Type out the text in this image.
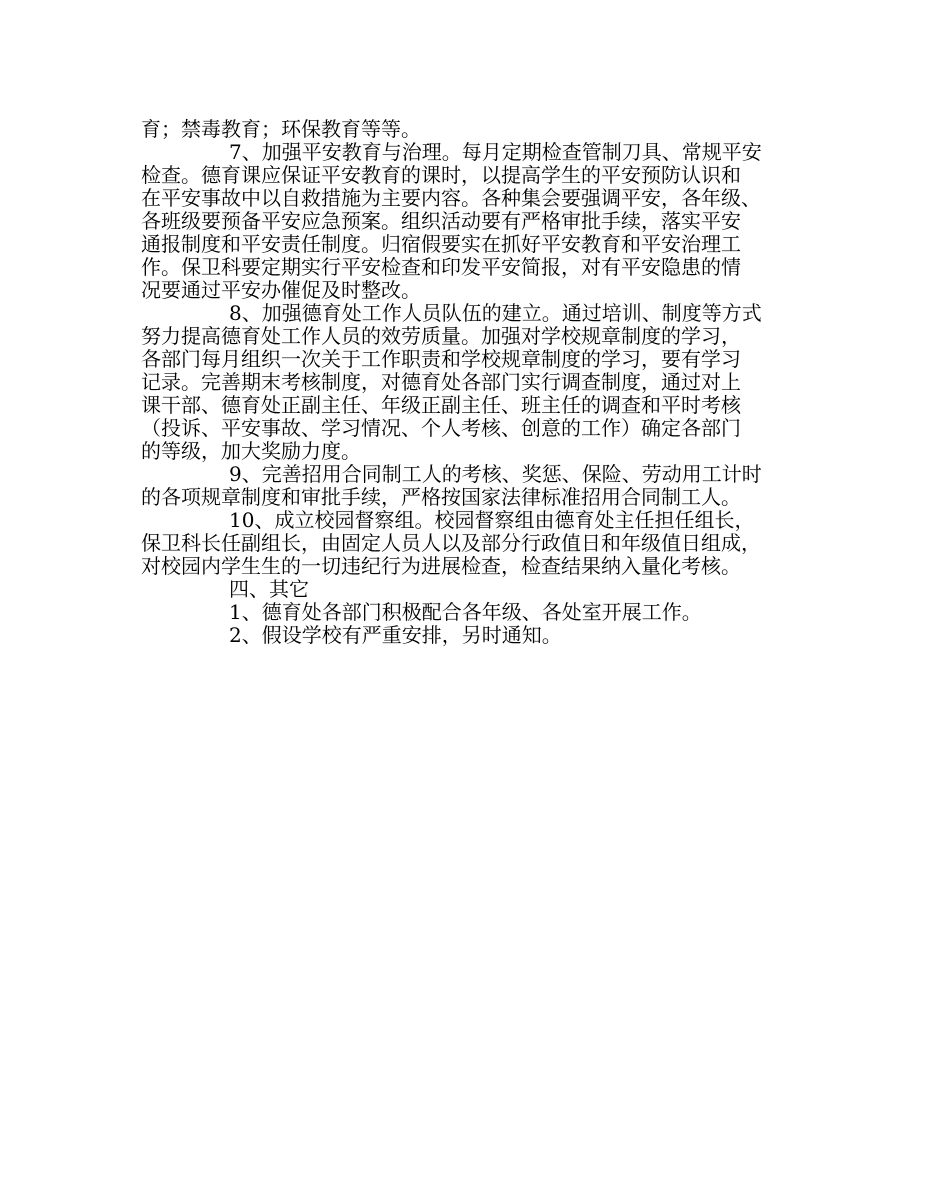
育；禁毒教育；环保教育等等。
7、加强平安教育与治理。每月定期检查管制刀具、常规平安
检查。德育课应保证平安教育的课时，以提高学生的平安预防认识和
在平安事故中以自救措施为主要内容。各种集会要强调平安，各年级、
各班级要预备平安应急预案。组织活动要有严格审批手续，落实平安
通报制度和平安责任制度。归宿假要实在抓好平安教育和平安治理工
作。保卫科要定期实行平安检查和印发平安简报，对有平安隐患的情
况要通过平安办催促及时整改。
8、加强德育处工作人员队伍的建立。通过培训、制度等方式
努力提高德育处工作人员的效劳质量。加强对学校规章制度的学习，
各部门每月组织一次关于工作职责和学校规章制度的学习，要有学习
记录。完善期末考核制度，对德育处各部门实行调查制度，通过对上
课干部、德育处正副主任、年级正副主任、班主任的调查和平时考核
（投诉、平安事故、学习情况、个人考核、创意的工作）确定各部门
的等级，加大奖励力度。
9、完善招用合同制工人的考核、奖惩、保险、劳动用工计时
的各项规章制度和审批手续，严格按国家法律标准招用合同制工人。
10、成立校园督察组。校园督察组由德育处主任担任组长，
保卫科长任副组长，由固定人员人以及部分行政值日和年级值日组成，
对校园内学生生的一切违纪行为进展检查，检查结果纳入量化考核。
四、其它
1、德育处各部门积极配合各年级、各处室开展工作。
2、假设学校有严重安排，另时通知。
